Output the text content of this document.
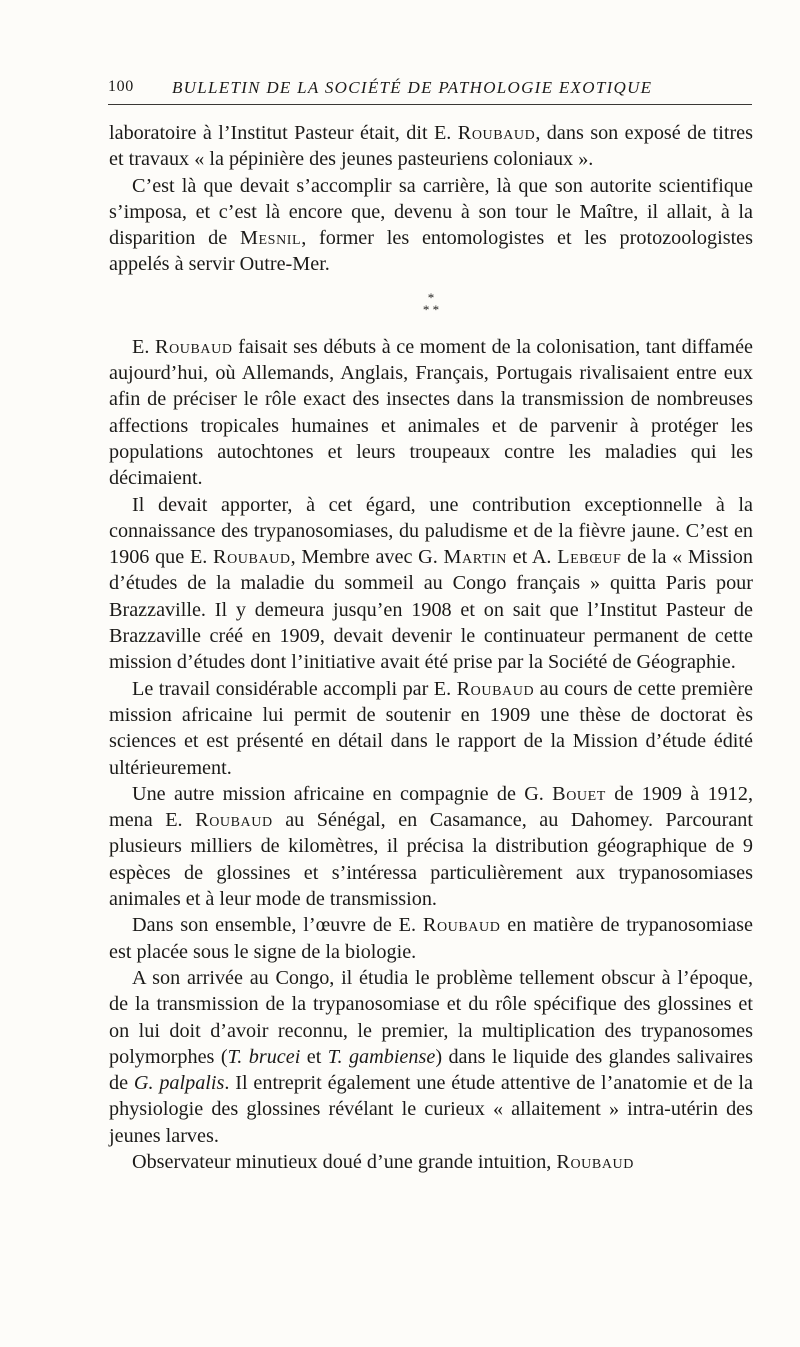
100 BULLETIN DE LA SOCIÉTÉ DE PATHOLOGIE EXOTIQUE

laboratoire à l’Institut Pasteur était, dit E. Roubaud, dans son exposé de titres et travaux « la pépinière des jeunes pasteuriens coloniaux ».

C’est là que devait s’accomplir sa carrière, là que son autorite scientifique s’imposa, et c’est là encore que, devenu à son tour le Maître, il allait, à la disparition de Mesnil, former les entomologistes et les protozoologistes appelés à servir Outre-Mer.

*
* *

E. Roubaud faisait ses débuts à ce moment de la colonisation, tant diffamée aujourd’hui, où Allemands, Anglais, Français, Portugais rivalisaient entre eux afin de préciser le rôle exact des insectes dans la transmission de nombreuses affections tropicales humaines et animales et de parvenir à protéger les populations autochtones et leurs troupeaux contre les maladies qui les décimaient.

Il devait apporter, à cet égard, une contribution exceptionnelle à la connaissance des trypanosomiases, du paludisme et de la fièvre jaune. C’est en 1906 que E. Roubaud, Membre avec G. Martin et A. Lebœuf de la « Mission d’études de la maladie du sommeil au Congo français » quitta Paris pour Brazzaville. Il y demeura jusqu’en 1908 et on sait que l’Institut Pasteur de Brazzaville créé en 1909, devait devenir le continuateur permanent de cette mission d’études dont l’initiative avait été prise par la Société de Géographie.

Le travail considérable accompli par E. Roubaud au cours de cette première mission africaine lui permit de soutenir en 1909 une thèse de doctorat ès sciences et est présenté en détail dans le rapport de la Mission d’étude édité ultérieurement.

Une autre mission africaine en compagnie de G. Bouet de 1909 à 1912, mena E. Roubaud au Sénégal, en Casamance, au Dahomey. Parcourant plusieurs milliers de kilomètres, il précisa la distribution géographique de 9 espèces de glossines et s’intéressa particulièrement aux trypanosomiases animales et à leur mode de transmission.

Dans son ensemble, l’œuvre de E. Roubaud en matière de trypanosomiase est placée sous le signe de la biologie.

A son arrivée au Congo, il étudia le problème tellement obscur à l’époque, de la transmission de la trypanosomiase et du rôle spécifique des glossines et on lui doit d’avoir reconnu, le premier, la multiplication des trypanosomes polymorphes (T. brucei et T. gambiense) dans le liquide des glandes salivaires de G. palpalis. Il entreprit également une étude attentive de l’anatomie et de la physiologie des glossines révélant le curieux « allaitement » intra-utérin des jeunes larves.

Observateur minutieux doué d’une grande intuition, Roubaud
